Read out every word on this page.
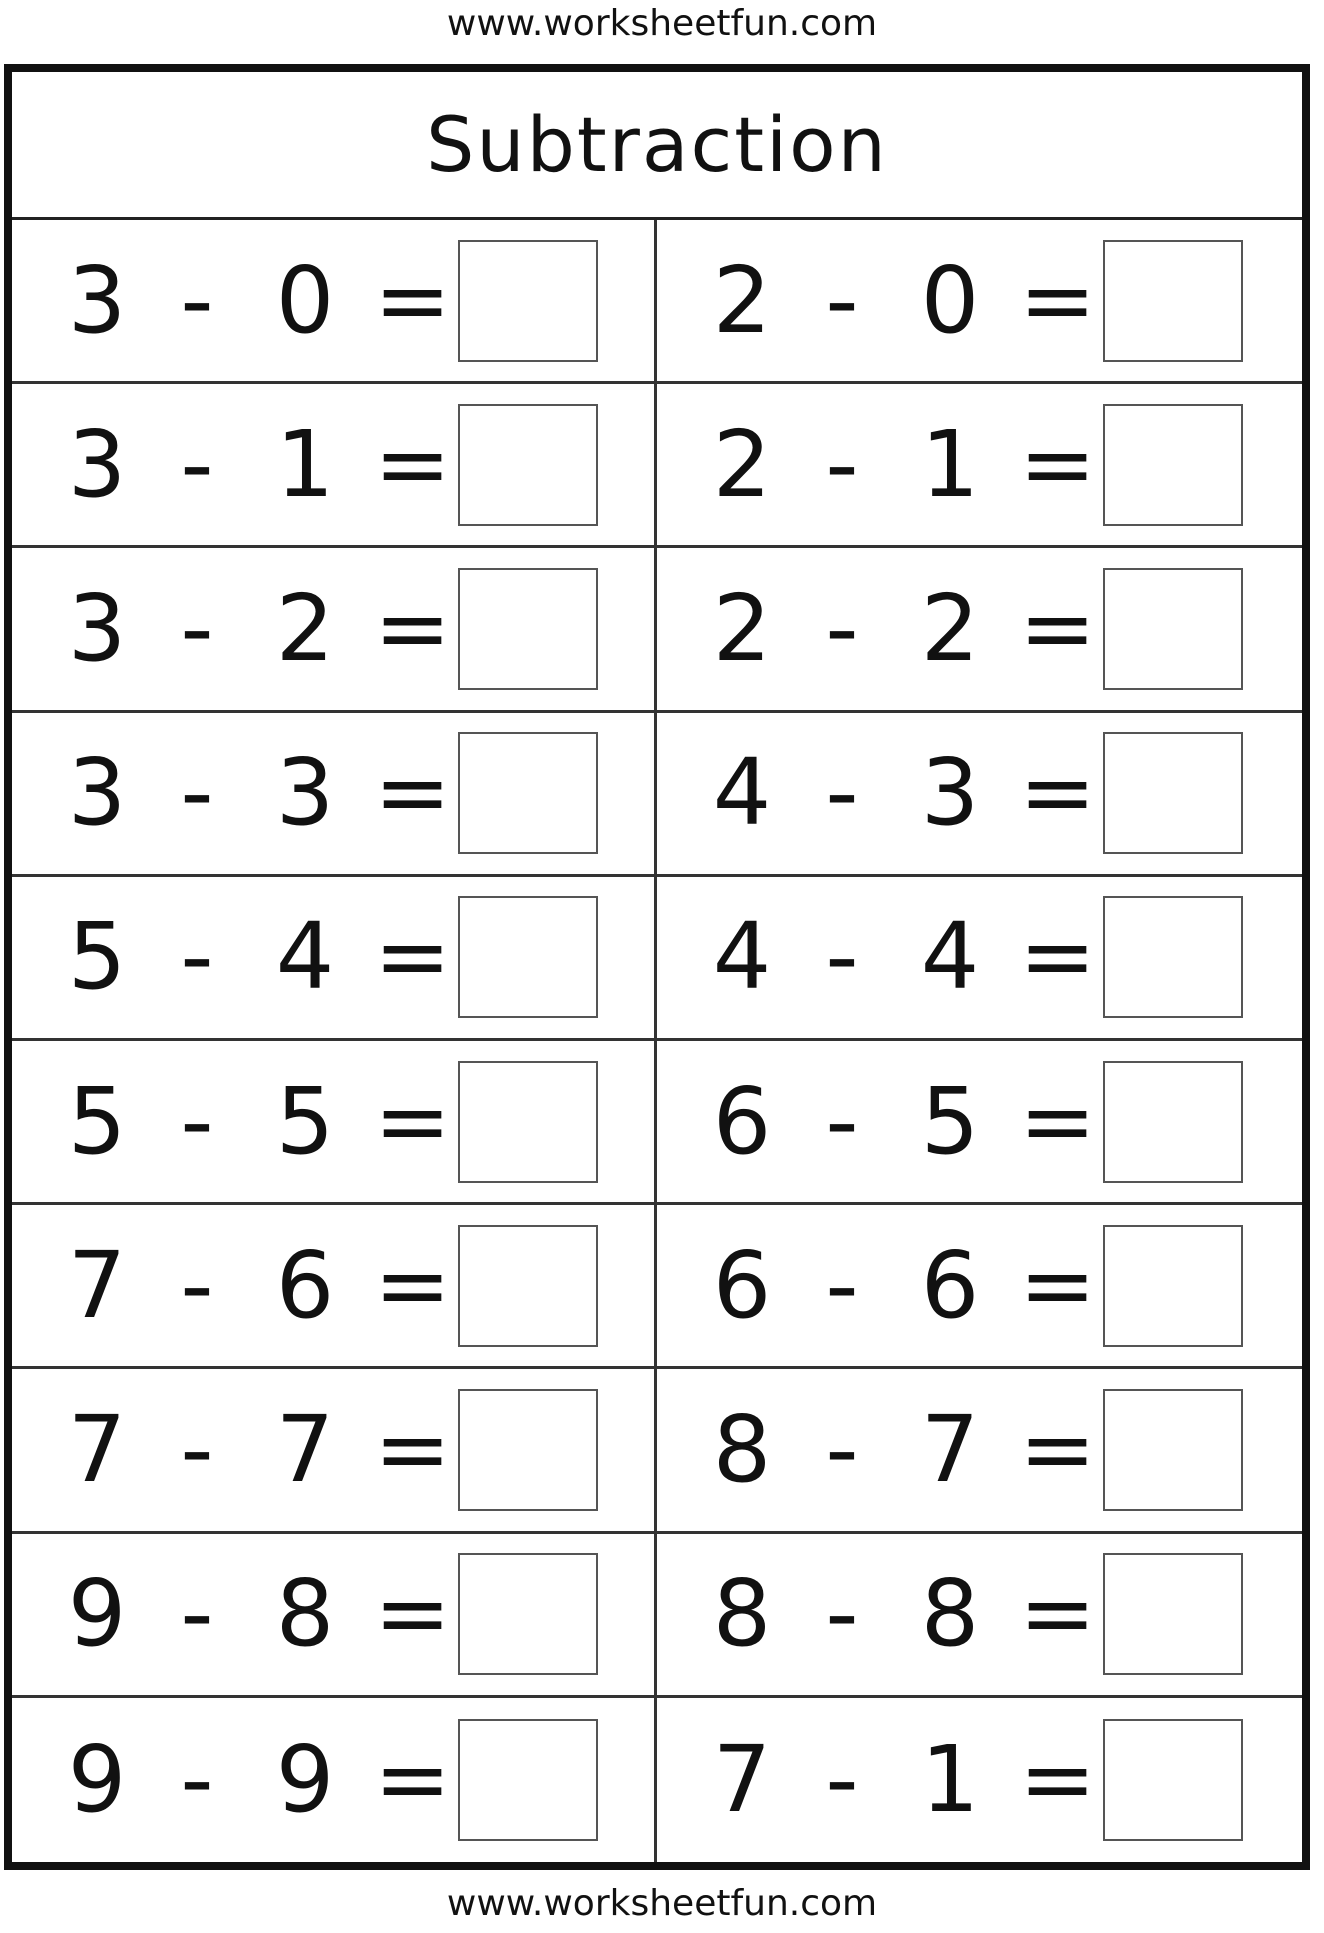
www.worksheetfun.com
Subtraction
3 - 0 =	2 - 0 =
3 - 1 =	2 - 1 =
3 - 2 =	2 - 2 =
3 - 3 =	4 - 3 =
5 - 4 =	4 - 4 =
5 - 5 =	6 - 5 =
7 - 6 =	6 - 6 =
7 - 7 =	8 - 7 =
9 - 8 =	8 - 8 =
9 - 9 =	7 - 1 =
www.worksheetfun.com
